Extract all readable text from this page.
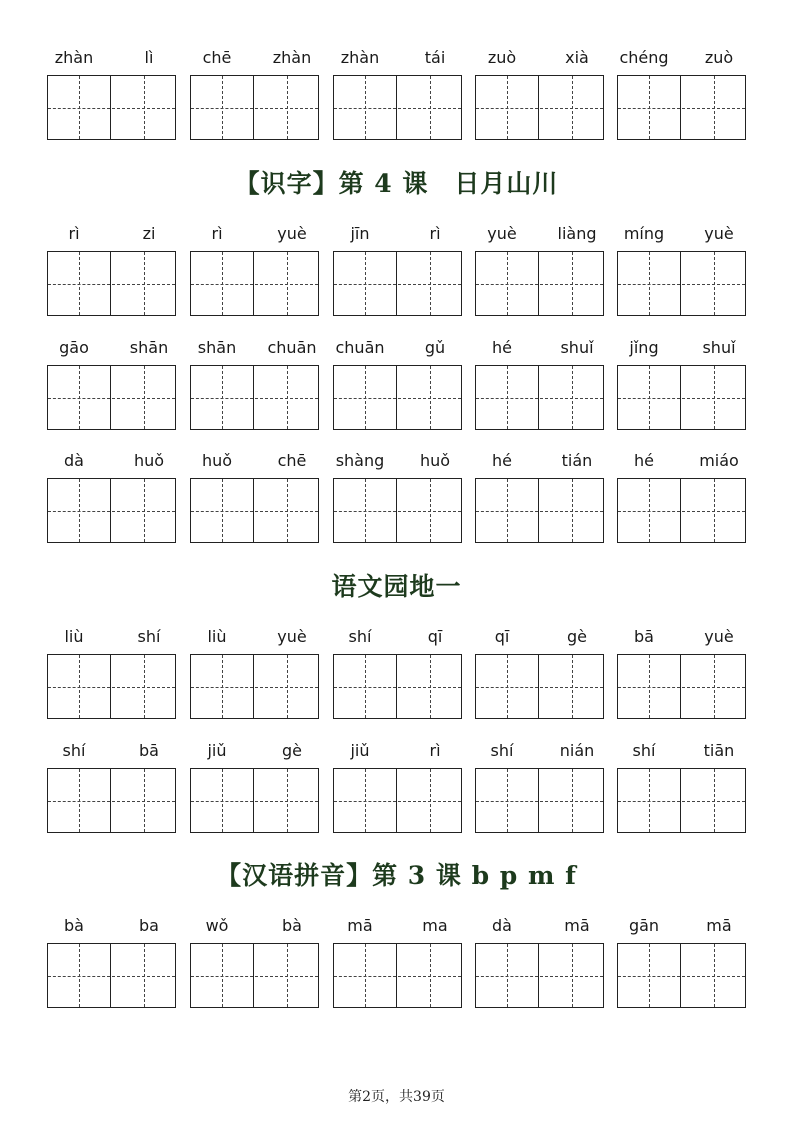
zhàn	lì	chē	zhàn	zhàn	tái	zuò	xià	chéng	zuò
【识字】第 4 课　日月山川
rì	zi	rì	yuè	jīn	rì	yuè	liàng	míng	yuè
gāo	shān	shān	chuān	chuān	gǔ	hé	shuǐ	jǐng	shuǐ
dà	huǒ	huǒ	chē	shàng	huǒ	hé	tián	hé	miáo
语文园地一
liù	shí	liù	yuè	shí	qī	qī	gè	bā	yuè
shí	bā	jiǔ	gè	jiǔ	rì	shí	nián	shí	tiān
【汉语拼音】第 3 课 b p m f
bà	ba	wǒ	bà	mā	ma	dà	mā	gān	mā
第2页，共39页
